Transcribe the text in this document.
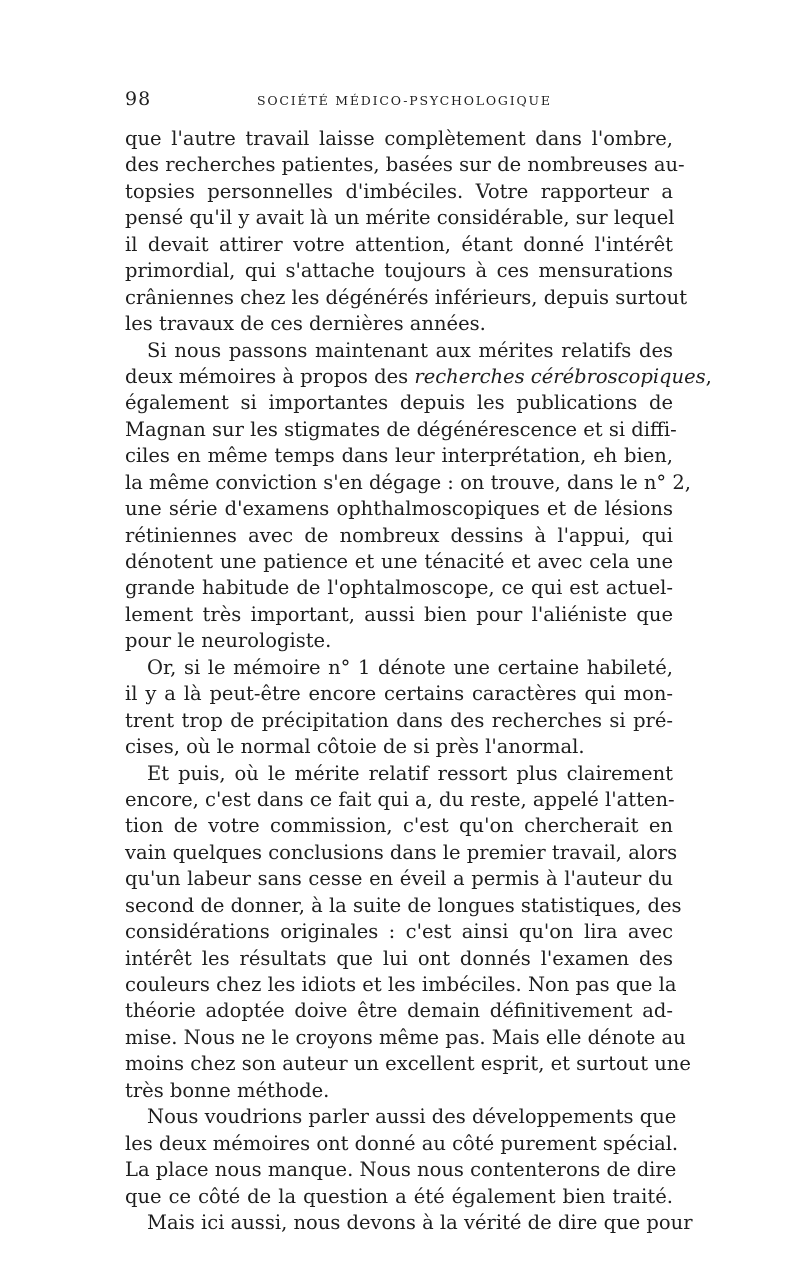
98	SOCIÉTÉ MÉDICO-PSYCHOLOGIQUE
que l'autre travail laisse complètement dans l'ombre,
des recherches patientes, basées sur de nombreuses au-
topsies personnelles d'imbéciles. Votre rapporteur a
pensé qu'il y avait là un mérite considérable, sur lequel
il devait attirer votre attention, étant donné l'intérêt
primordial, qui s'attache toujours à ces mensurations
crâniennes chez les dégénérés inférieurs, depuis surtout
les travaux de ces dernières années.
Si nous passons maintenant aux mérites relatifs des
deux mémoires à propos des recherches cérébroscopiques,
également si importantes depuis les publications de
Magnan sur les stigmates de dégénérescence et si diffi-
ciles en même temps dans leur interprétation, eh bien,
la même conviction s'en dégage : on trouve, dans le n° 2,
une série d'examens ophthalmoscopiques et de lésions
rétiniennes avec de nombreux dessins à l'appui, qui
dénotent une patience et une ténacité et avec cela une
grande habitude de l'ophtalmoscope, ce qui est actuel-
lement très important, aussi bien pour l'aliéniste que
pour le neurologiste.
Or, si le mémoire n° 1 dénote une certaine habileté,
il y a là peut-être encore certains caractères qui mon-
trent trop de précipitation dans des recherches si pré-
cises, où le normal côtoie de si près l'anormal.
Et puis, où le mérite relatif ressort plus clairement
encore, c'est dans ce fait qui a, du reste, appelé l'atten-
tion de votre commission, c'est qu'on chercherait en
vain quelques conclusions dans le premier travail, alors
qu'un labeur sans cesse en éveil a permis à l'auteur du
second de donner, à la suite de longues statistiques, des
considérations originales : c'est ainsi qu'on lira avec
intérêt les résultats que lui ont donnés l'examen des
couleurs chez les idiots et les imbéciles. Non pas que la
théorie adoptée doive être demain définitivement ad-
mise. Nous ne le croyons même pas. Mais elle dénote au
moins chez son auteur un excellent esprit, et surtout une
très bonne méthode.
Nous voudrions parler aussi des développements que
les deux mémoires ont donné au côté purement spécial.
La place nous manque. Nous nous contenterons de dire
que ce côté de la question a été également bien traité.
Mais ici aussi, nous devons à la vérité de dire que pour
